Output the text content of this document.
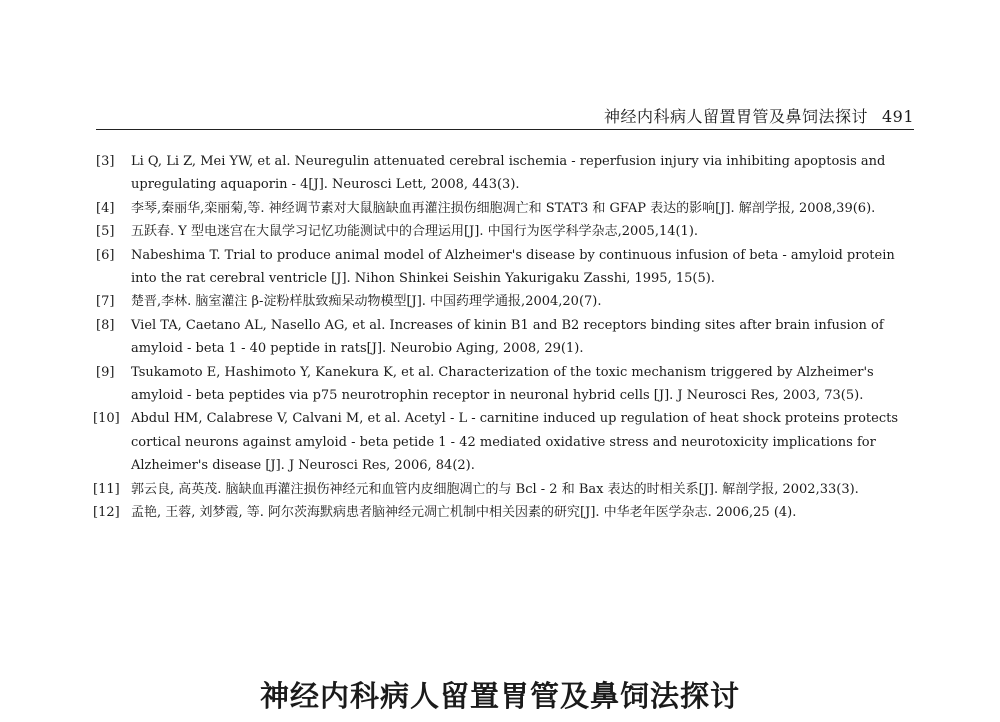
神经内科病人留置胃管及鼻饲法探讨 491
[3] Li Q, Li Z, Mei YW, et al. Neuregulin attenuated cerebral ischemia - reperfusion injury via inhibiting apoptosis and upregulating aquaporin - 4[J]. Neurosci Lett, 2008, 443(3).
[4] 李琴,秦丽华,栾丽菊,等. 神经调节素对大鼠脑缺血再灌注损伤细胞凋亡和 STAT3 和 GFAP 表达的影响[J]. 解剖学报, 2008,39(6).
[5] 五跃春. Y 型电迷宫在大鼠学习记忆功能测试中的合理运用[J]. 中国行为医学科学杂志,2005,14(1).
[6] Nabeshima T. Trial to produce animal model of Alzheimer's disease by continuous infusion of beta - amyloid protein into the rat cerebral ventricle [J]. Nihon Shinkei Seishin Yakurigaku Zasshi, 1995, 15(5).
[7] 楚晋,李林. 脑室灌注 β-淀粉样肽致痴呆动物模型[J]. 中国药理学通报,2004,20(7).
[8] Viel TA, Caetano AL, Nasello AG, et al. Increases of kinin B1 and B2 receptors binding sites after brain infusion of amyloid - beta 1 - 40 peptide in rats[J]. Neurobio Aging, 2008, 29(1).
[9] Tsukamoto E, Hashimoto Y, Kanekura K, et al. Characterization of the toxic mechanism triggered by Alzheimer's amyloid - beta peptides via p75 neurotrophin receptor in neuronal hybrid cells [J]. J Neurosci Res, 2003, 73(5).
[10] Abdul HM, Calabrese V, Calvani M, et al. Acetyl - L - carnitine induced up regulation of heat shock proteins protects cortical neurons against amyloid - beta petide 1 - 42 mediated oxidative stress and neurotoxicity implications for Alzheimer's disease [J]. J Neurosci Res, 2006, 84(2).
[11] 郭云良, 高英茂. 脑缺血再灌注损伤神经元和血管内皮细胞凋亡的与 Bcl - 2 和 Bax 表达的时相关系[J]. 解剖学报, 2002,33(3).
[12] 孟艳, 王蓉, 刘梦霞, 等. 阿尔茨海默病患者脑神经元凋亡机制中相关因素的研究[J]. 中华老年医学杂志. 2006,25 (4).
神经内科病人留置胃管及鼻饲法探讨
